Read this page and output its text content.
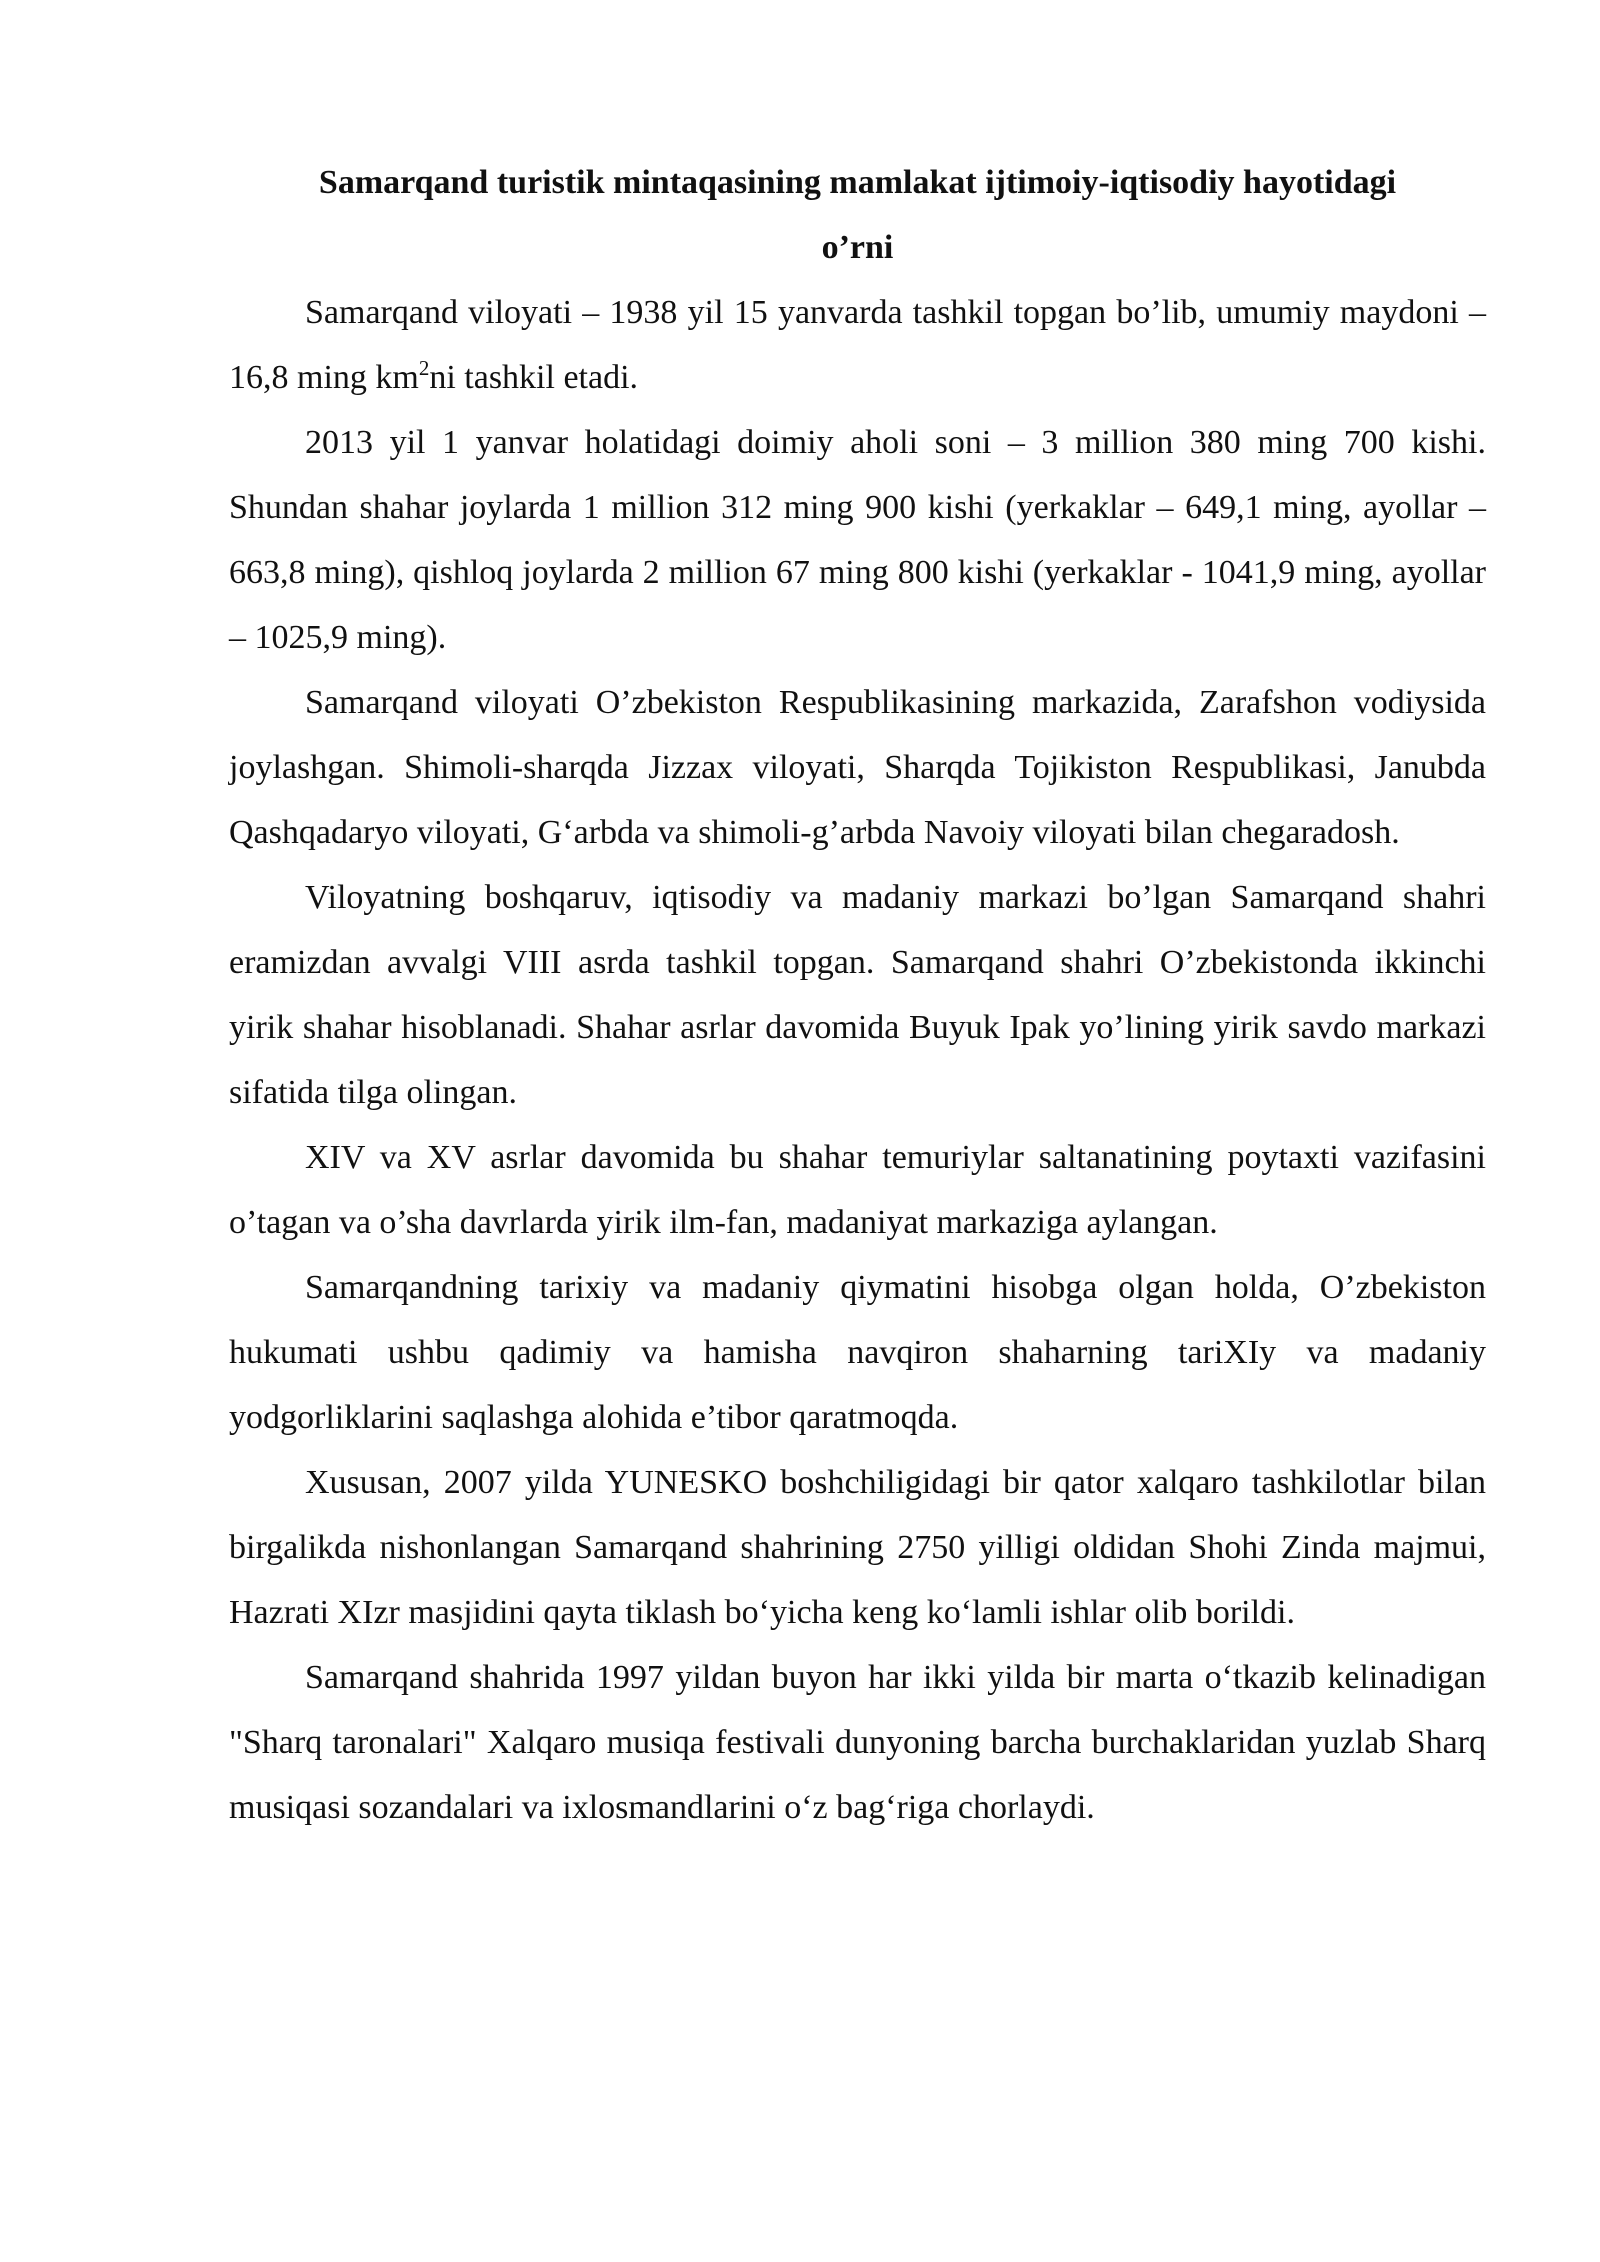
Samarqand turistik mintaqasining mamlakat ijtimoiy-iqtisodiy hayotidagi o’rni

Samarqand viloyati – 1938 yil 15 yanvarda tashkil topgan bo’lib, umumiy maydoni – 16,8 ming $km^2ni$ tashkil etadi.

2013 yil 1 yanvar holatidagi doimiy aholi soni – 3 million 380 ming 700 kishi. Shundan shahar joylarda 1 million 312 ming 900 kishi (yerkaklar – 649,1 ming, ayollar – 663,8 ming), qishloq joylarda 2 million 67 ming 800 kishi (yerkaklar - 1041,9 ming, ayollar – 1025,9 ming).

Samarqand viloyati O’zbekiston Respublikasining markazida, Zarafshon vodiysida joylashgan. Shimoli-sharqda Jizzax viloyati, Sharqda Tojikiston Respublikasi, Janubda Qashqadaryo viloyati, G‘arbda va shimoli-g’arbda Navoiy viloyati bilan chegaradosh.

Viloyatning boshqaruv, iqtisodiy va madaniy markazi bo’lgan Samarqand shahri eramizdan avvalgi VIII asrda tashkil topgan. Samarqand shahri O’zbekistonda ikkinchi yirik shahar hisoblanadi. Shahar asrlar davomida Buyuk Ipak yo’lining yirik savdo markazi sifatida tilga olingan.

XIV va XV asrlar davomida bu shahar temuriylar saltanatining poytaxti vazifasini o’tagan va o’sha davrlarda yirik ilm-fan, madaniyat markaziga aylangan.

Samarqandning tarixiy va madaniy qiymatini hisobga olgan holda, O’zbekiston hukumati ushbu qadimiy va hamisha navqiron shaharning tariXIy va madaniy yodgorliklarini saqlashga alohida e’tibor qaratmoqda.

Xususan, 2007 yilda YUNESKO boshchiligidagi bir qator xalqaro tashkilotlar bilan birgalikda nishonlangan Samarqand shahrining 2750 yilligi oldidan Shohi Zinda majmui, Hazrati XIzr masjidini qayta tiklash bo‘yicha keng ko‘lamli ishlar olib borildi.

Samarqand shahrida 1997 yildan buyon har ikki yilda bir marta o‘tkazib kelinadigan "Sharq taronalari" Xalqaro musiqa festivali dunyoning barcha burchaklaridan yuzlab Sharq musiqasi sozandalari va ixlosmandlarini o‘z bag‘riga chorlaydi.
